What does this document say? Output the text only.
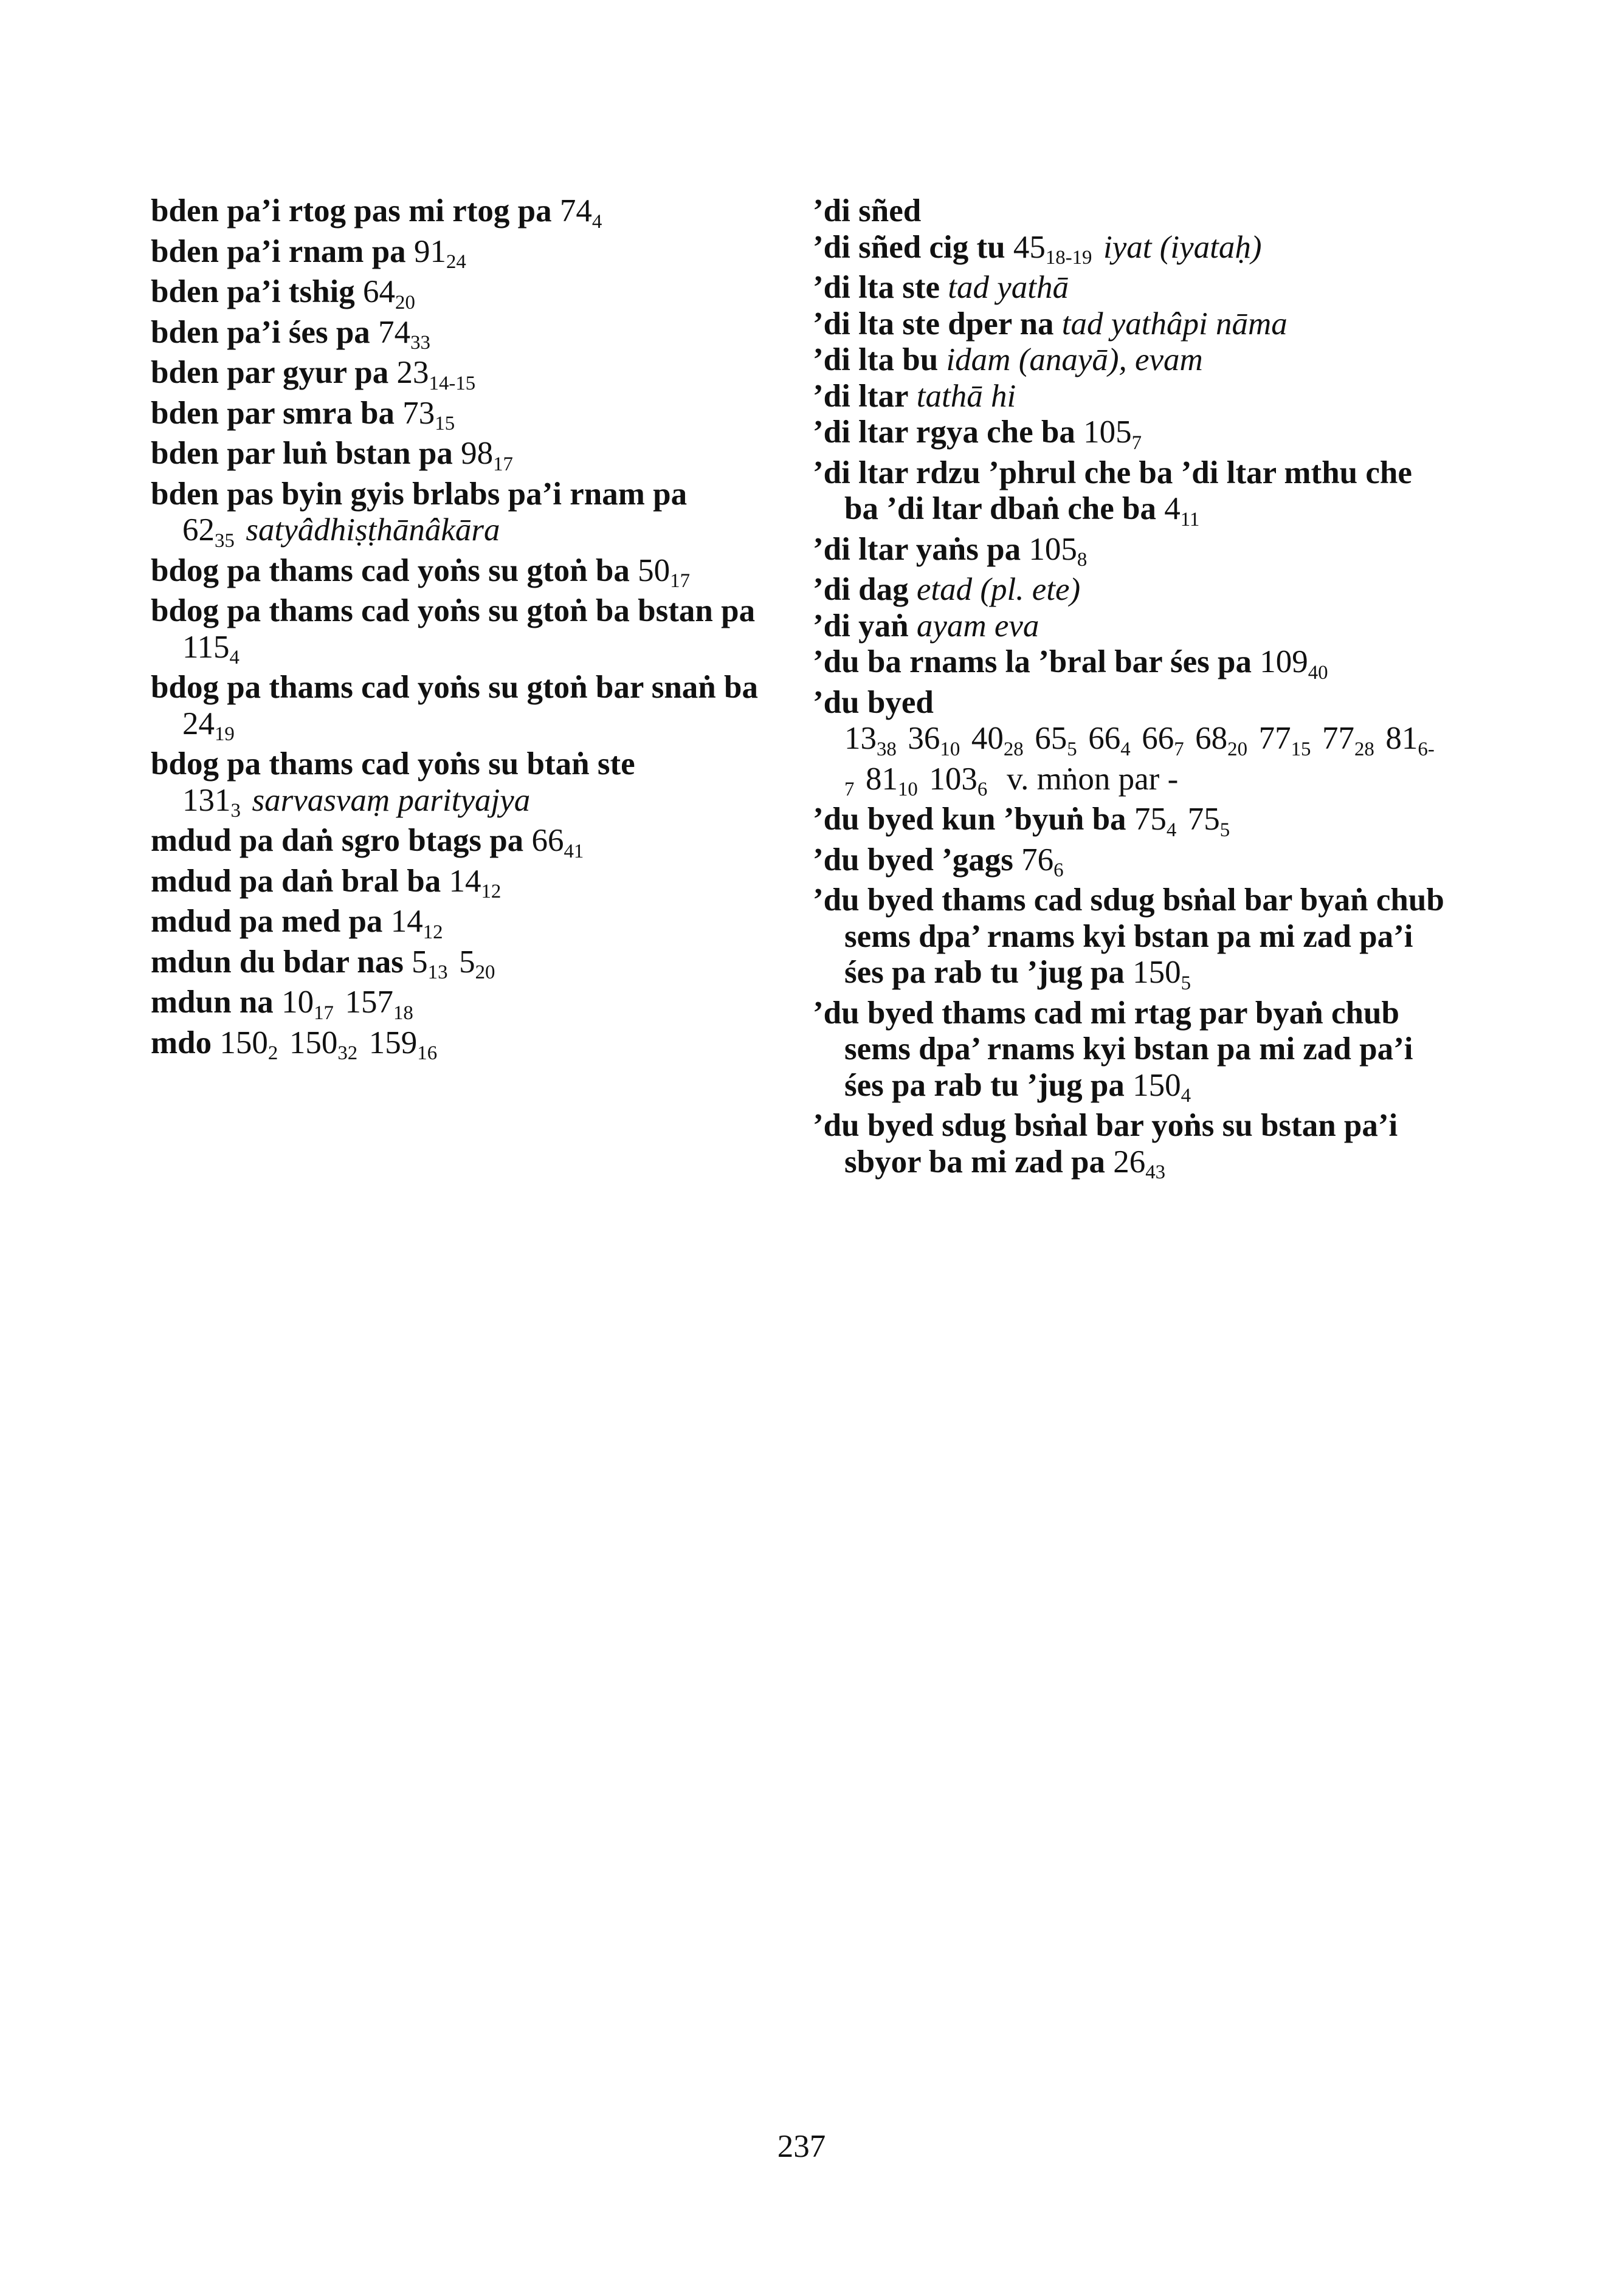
bden pa’i rtog pas mi rtog pa $74_4$
bden pa’i rnam pa $91_{24}$
bden pa’i tshig $64_{20}$
bden pa’i śes pa $74_{33}$
bden par gyur pa $23_{14-15}$
bden par smra ba $73_{15}$
bden par luṅ bstan pa $98_{17}$
bden pas byin gyis brlabs pa’i rnam pa $62_{35}$ satyâdhiṣṭhānâkāra
bdog pa thams cad yoṅs su gtoṅ ba $50_{17}$
bdog pa thams cad yoṅs su gtoṅ ba bstan pa $115_4$
bdog pa thams cad yoṅs su gtoṅ bar snaṅ ba $24_{19}$
bdog pa thams cad yoṅs su btaṅ ste $131_3$ sarvasvaṃ parityajya
mdud pa daṅ sgro btags pa $66_{41}$
mdud pa daṅ bral ba $14_{12}$
mdud pa med pa $14_{12}$
mdun du bdar nas $5_{13}$ $5_{20}$
mdun na $10_{17}$ $157_{18}$
mdo $150_2$ $150_{32}$ $159_{16}$
’di sñed
’di sñed cig tu $45_{18-19}$ iyat (iyataḥ)
’di lta ste tad yathā
’di lta ste dper na tad yathâpi nāma
’di lta bu idam (anayā), evam
’di ltar tathā hi
’di ltar rgya che ba $105_7$
’di ltar rdzu ’phrul che ba ’di ltar mthu che ba ’di ltar dbaṅ che ba $4_{11}$
’di ltar yaṅs pa $105_8$
’di dag etad (pl. ete)
’di yaṅ ayam eva
’du ba rnams la ’bral bar śes pa $109_{40}$
’du byed $13_{38}$ $36_{10}$ $40_{28}$ $65_5$ $66_4$ $66_7$ $68_{20}$ $77_{15}$ $77_{28}$ $81_{6-7}$ $81_{10}$ $103_6$ v. mṅon par -
’du byed kun ’byuṅ ba $75_4$ $75_5$
’du byed ’gags $76_6$
’du byed thams cad sdug bsṅal bar byaṅ chub sems dpa’ rnams kyi bstan pa mi zad pa’i śes pa rab tu ’jug pa $150_5$
’du byed thams cad mi rtag par byaṅ chub sems dpa’ rnams kyi bstan pa mi zad pa’i śes pa rab tu ’jug pa $150_4$
’du byed sdug bsṅal bar yoṅs su bstan pa’i sbyor ba mi zad pa $26_{43}$
237
